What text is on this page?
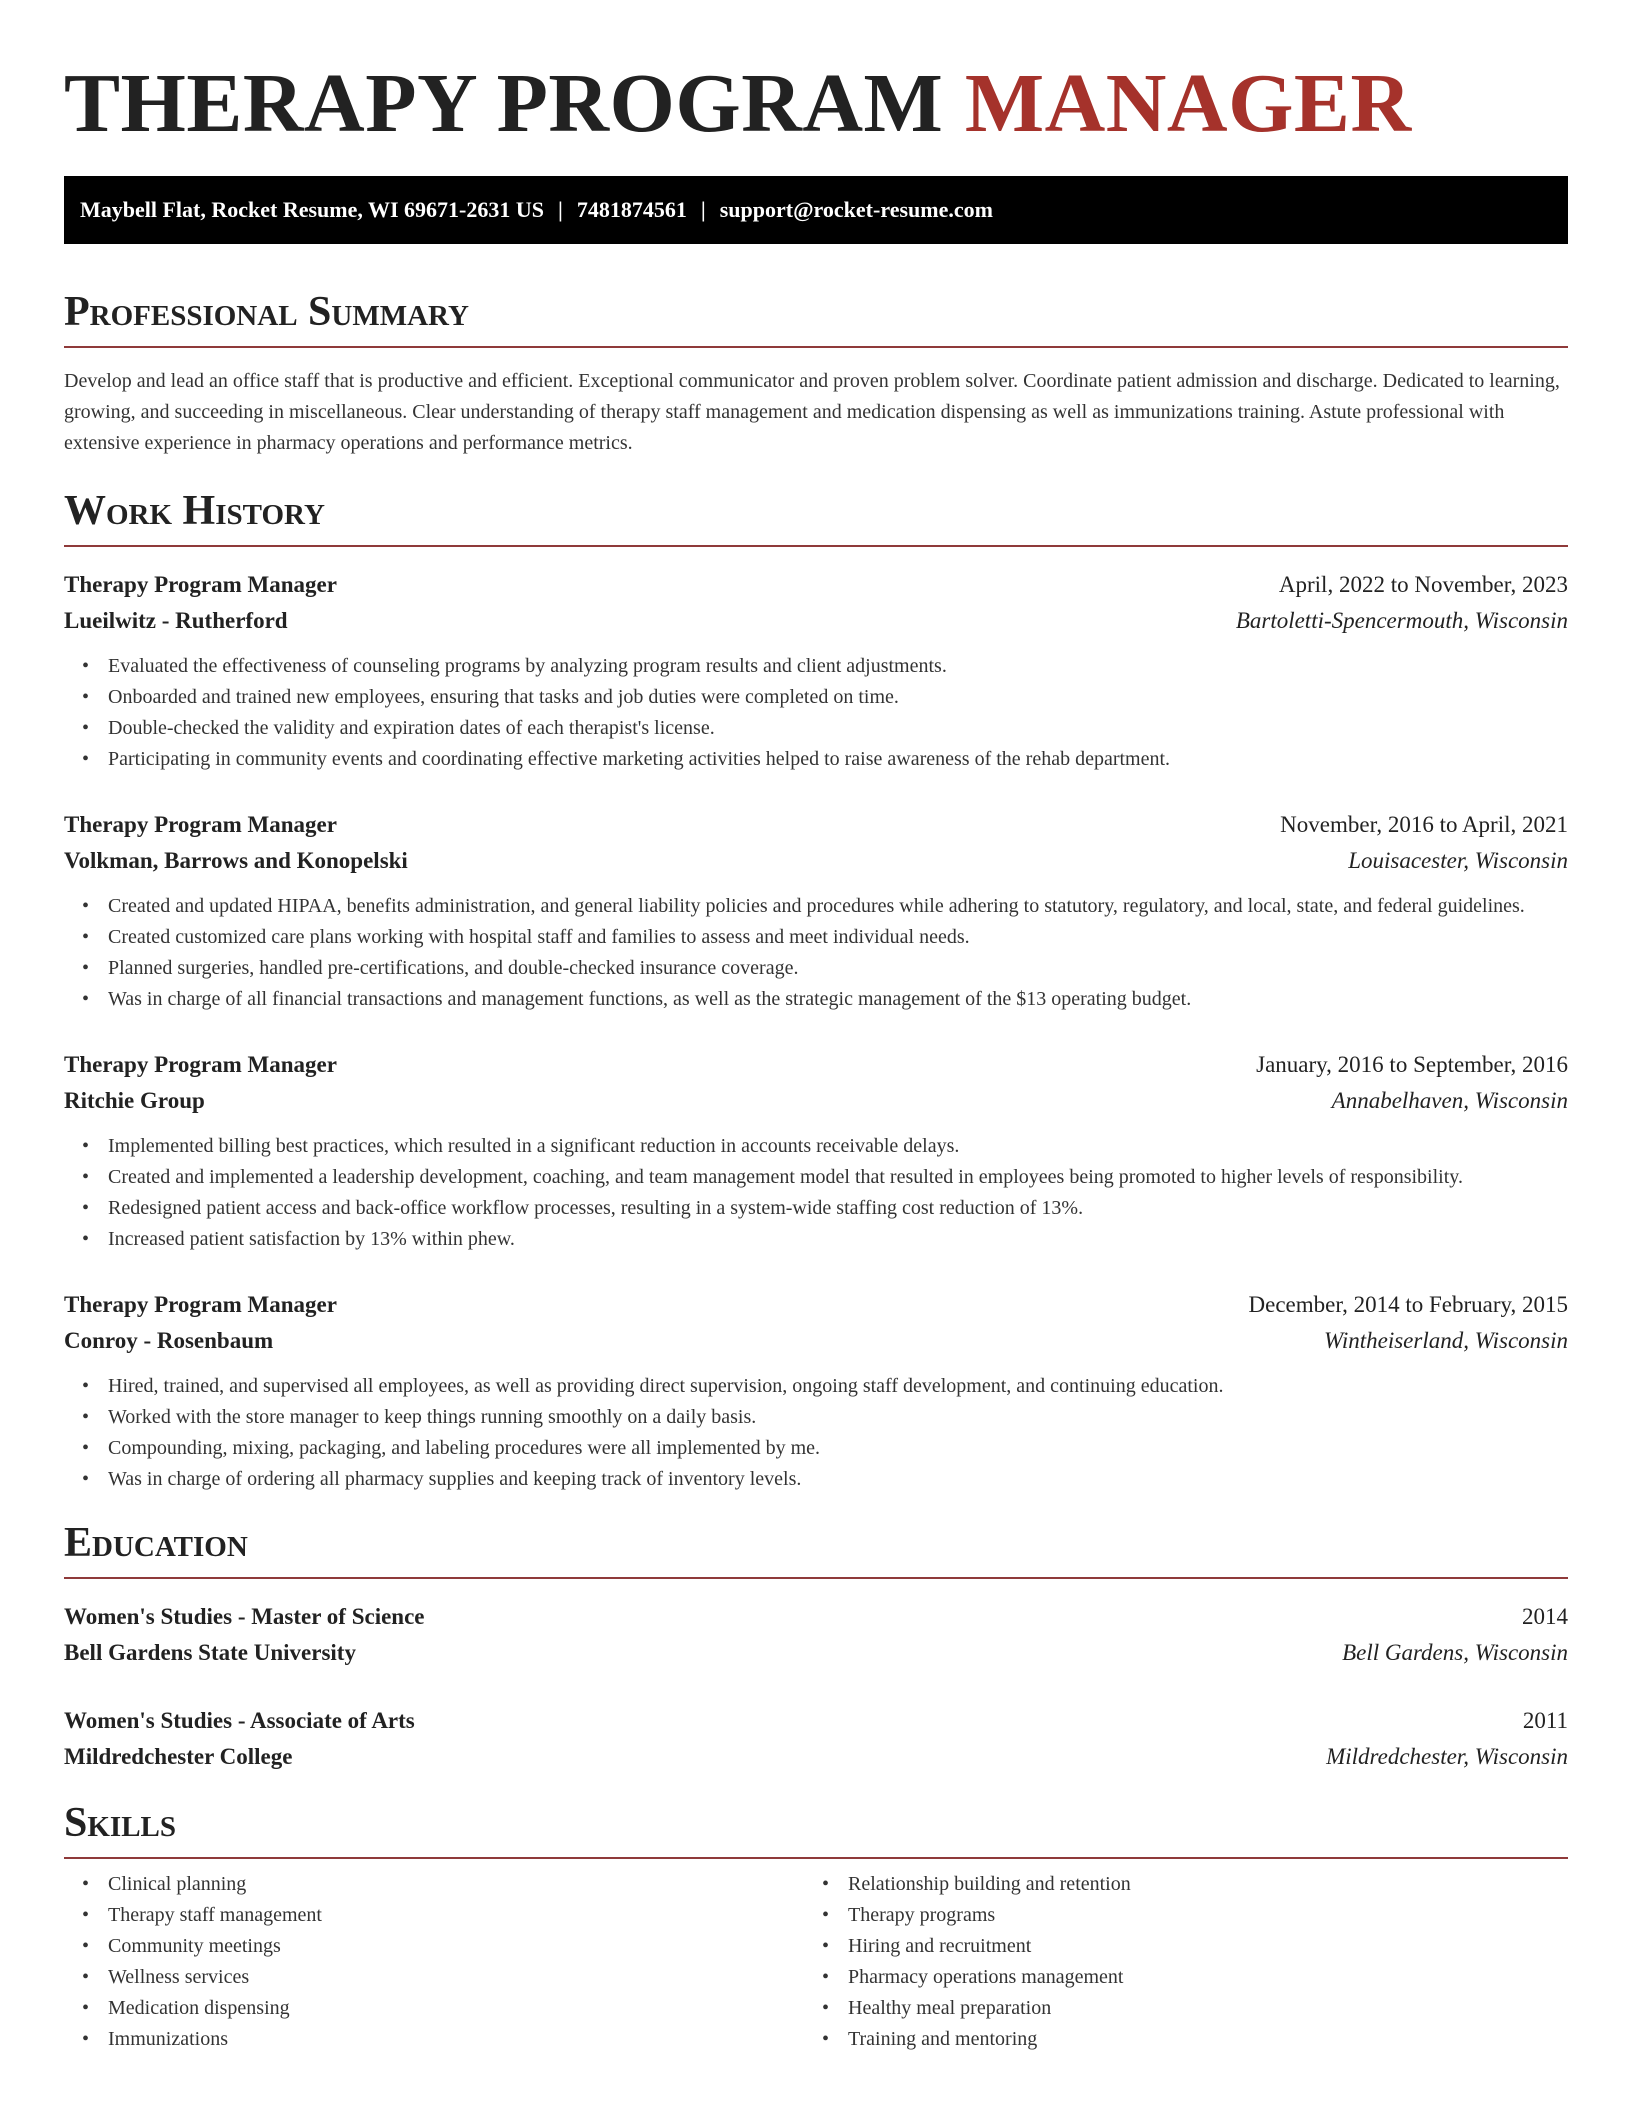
THERAPY PROGRAM MANAGER
Maybell Flat, Rocket Resume, WI 69671-2631 US | 7481874561 | support@rocket-resume.com
Professional Summary

Develop and lead an office staff that is productive and efficient. Exceptional communicator and proven problem solver. Coordinate patient admission and discharge. Dedicated to learning, growing, and succeeding in miscellaneous. Clear understanding of therapy staff management and medication dispensing as well as immunizations training. Astute professional with extensive experience in pharmacy operations and performance metrics.

Work History
Therapy Program Manager	April, 2022 to November, 2023
Lueilwitz - Rutherford	Bartoletti-Spencermouth, Wisconsin
• Evaluated the effectiveness of counseling programs by analyzing program results and client adjustments.
• Onboarded and trained new employees, ensuring that tasks and job duties were completed on time.
• Double-checked the validity and expiration dates of each therapist's license.
• Participating in community events and coordinating effective marketing activities helped to raise awareness of the rehab department.
Therapy Program Manager	November, 2016 to April, 2021
Volkman, Barrows and Konopelski	Louisacester, Wisconsin
• Created and updated HIPAA, benefits administration, and general liability policies and procedures while adhering to statutory, regulatory, and local, state, and federal guidelines.
• Created customized care plans working with hospital staff and families to assess and meet individual needs.
• Planned surgeries, handled pre-certifications, and double-checked insurance coverage.
• Was in charge of all financial transactions and management functions, as well as the strategic management of the $13 operating budget.
Therapy Program Manager	January, 2016 to September, 2016
Ritchie Group	Annabelhaven, Wisconsin
• Implemented billing best practices, which resulted in a significant reduction in accounts receivable delays.
• Created and implemented a leadership development, coaching, and team management model that resulted in employees being promoted to higher levels of responsibility.
• Redesigned patient access and back-office workflow processes, resulting in a system-wide staffing cost reduction of 13%.
• Increased patient satisfaction by 13% within phew.
Therapy Program Manager	December, 2014 to February, 2015
Conroy - Rosenbaum	Wintheiserland, Wisconsin
• Hired, trained, and supervised all employees, as well as providing direct supervision, ongoing staff development, and continuing education.
• Worked with the store manager to keep things running smoothly on a daily basis.
• Compounding, mixing, packaging, and labeling procedures were all implemented by me.
• Was in charge of ordering all pharmacy supplies and keeping track of inventory levels.
Education
Women's Studies - Master of Science	2014
Bell Gardens State University	Bell Gardens, Wisconsin
Women's Studies - Associate of Arts	2011
Mildredchester College	Mildredchester, Wisconsin
Skills
• Clinical planning
• Therapy staff management
• Community meetings
• Wellness services
• Medication dispensing
• Immunizations
• Relationship building and retention
• Therapy programs
• Hiring and recruitment
• Pharmacy operations management
• Healthy meal preparation
• Training and mentoring
